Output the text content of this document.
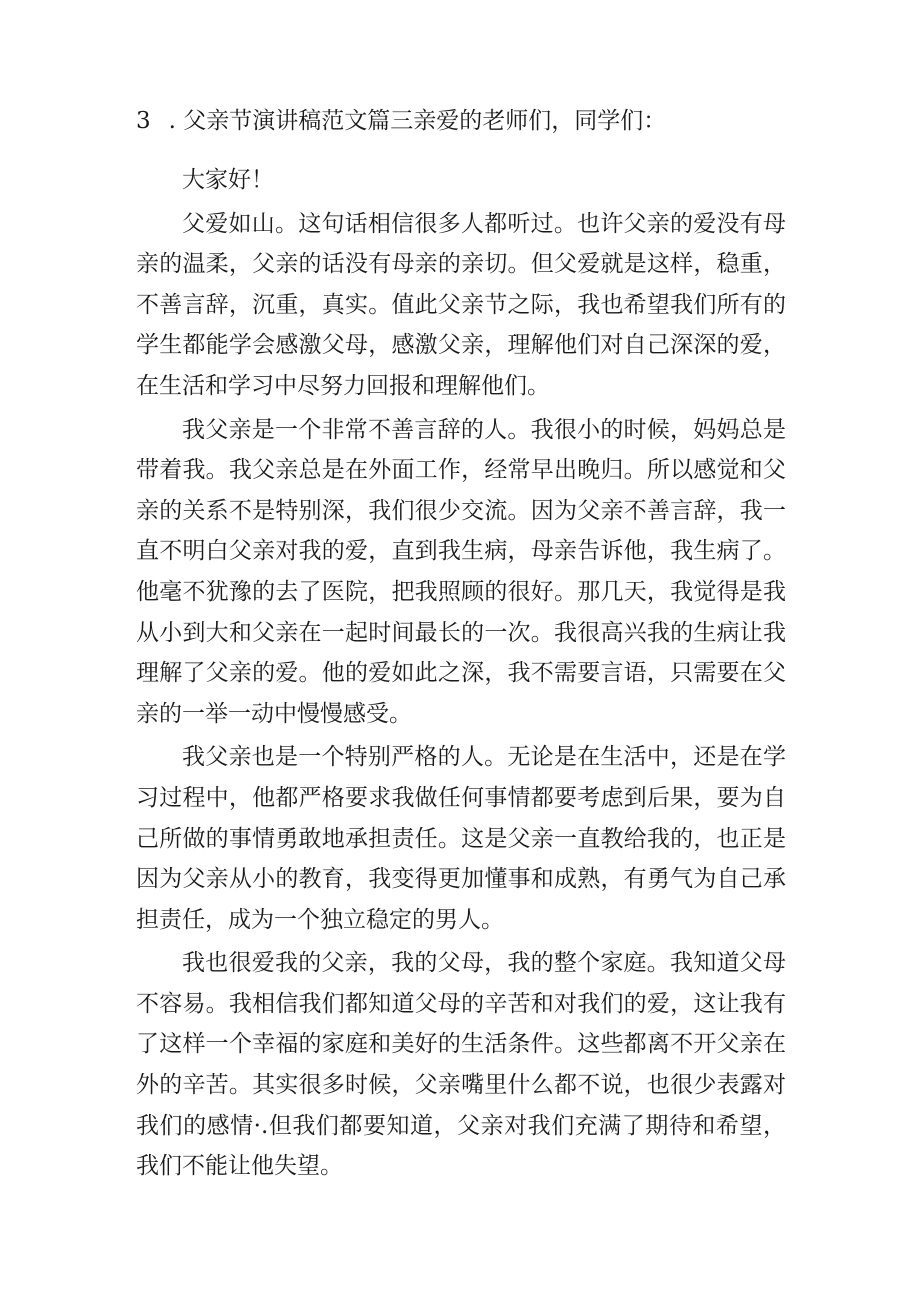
3 . 父亲节演讲稿范文篇三亲爱的老师们，同学们：

大家好！

父爱如山。这句话相信很多人都听过。也许父亲的爱没有母亲的温柔，父亲的话没有母亲的亲切。但父爱就是这样，稳重，不善言辞，沉重，真实。值此父亲节之际，我也希望我们所有的学生都能学会感激父母，感激父亲，理解他们对自己深深的爱，在生活和学习中尽努力回报和理解他们。

我父亲是一个非常不善言辞的人。我很小的时候，妈妈总是带着我。我父亲总是在外面工作，经常早出晚归。所以感觉和父亲的关系不是特别深，我们很少交流。因为父亲不善言辞，我一直不明白父亲对我的爱，直到我生病，母亲告诉他，我生病了。他毫不犹豫的去了医院，把我照顾的很好。那几天，我觉得是我从小到大和父亲在一起时间最长的一次。我很高兴我的生病让我理解了父亲的爱。他的爱如此之深，我不需要言语，只需要在父亲的一举一动中慢慢感受。

我父亲也是一个特别严格的人。无论是在生活中，还是在学习过程中，他都严格要求我做任何事情都要考虑到后果，要为自己所做的事情勇敢地承担责任。这是父亲一直教给我的，也正是因为父亲从小的教育，我变得更加懂事和成熟，有勇气为自己承担责任，成为一个独立稳定的男人。

我也很爱我的父亲，我的父母，我的整个家庭。我知道父母不容易。我相信我们都知道父母的辛苦和对我们的爱，这让我有了这样一个幸福的家庭和美好的生活条件。这些都离不开父亲在外的辛苦。其实很多时候，父亲嘴里什么都不说，也很少表露对我们的感情·.但我们都要知道，父亲对我们充满了期待和希望，我们不能让他失望。
